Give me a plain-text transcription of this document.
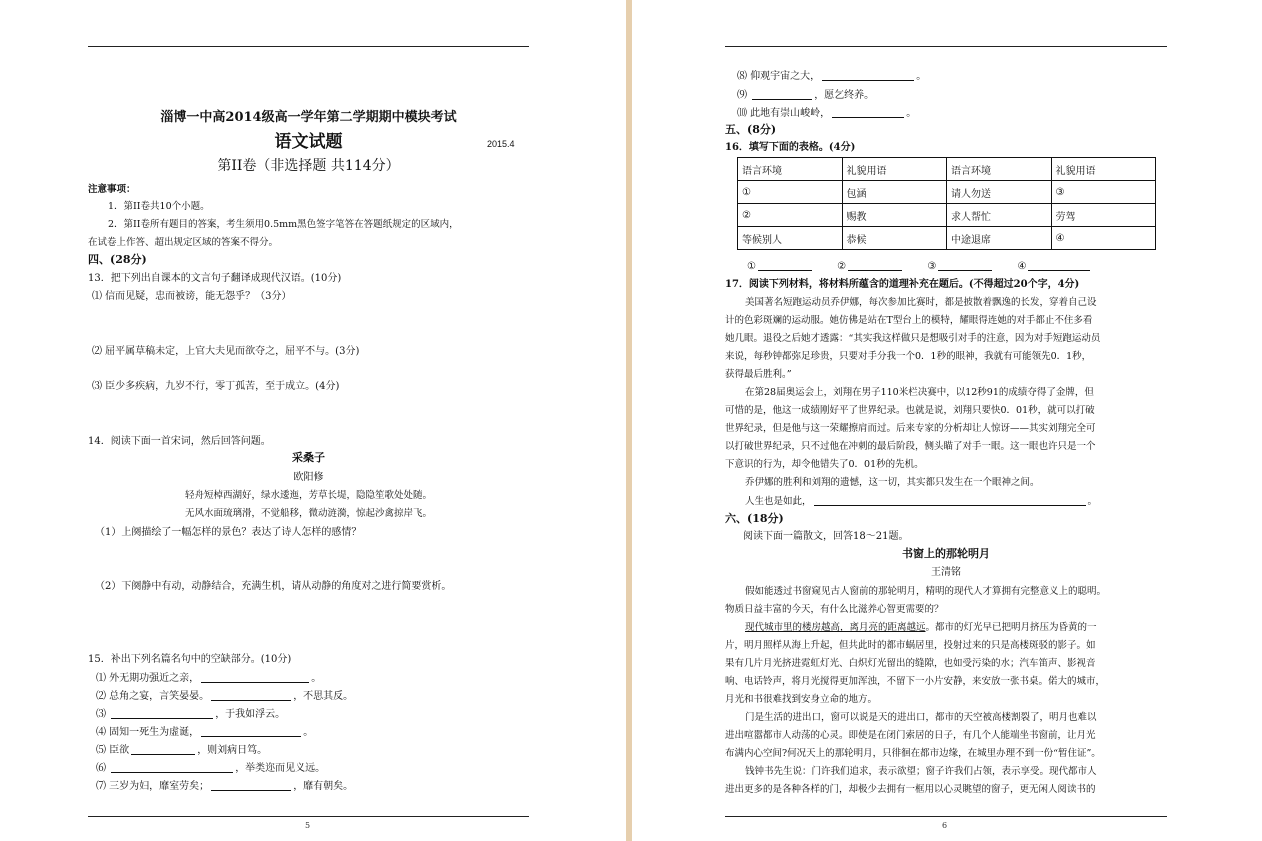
淄博一中高2014级高一学年第二学期期中模块考试
语文试题	2015.4
第II卷（非选择题 共114分）
注意事项：
1．第II卷共10个小题。
2．第II卷所有题目的答案，考生须用0.5mm黑色签字笔答在答题纸规定的区域内，
在试卷上作答、超出规定区域的答案不得分。
四、(28分)
13．把下列出自课本的文言句子翻译成现代汉语。(10分)
⑴ 信而见疑，忠而被谤，能无怨乎？（3分）
⑵ 屈平属草稿未定，上官大夫见而欲夺之，屈平不与。(3分)
⑶ 臣少多疾病，九岁不行，零丁孤苦，至于成立。(4分)
14．阅读下面一首宋词，然后回答问题。
采桑子
欧阳修
轻舟短棹西湖好，绿水逶迤，芳草长堤，隐隐笙歌处处随。
无风水面琉璃滑，不觉船移，微动涟漪，惊起沙禽掠岸飞。
（1）上阕描绘了一幅怎样的景色？表达了诗人怎样的感情？
（2）下阕静中有动，动静结合，充满生机，请从动静的角度对之进行简要赏析。
15．补出下列名篇名句中的空缺部分。(10分)
⑴ 外无期功强近之亲，	。
⑵ 总角之宴，言笑晏晏。	，不思其反。
⑶	，于我如浮云。
⑷ 固知一死生为虚诞，	。
⑸ 臣欲	，则刘病日笃。
⑹	，举类迩而见义远。
⑺ 三岁为妇，靡室劳矣；	，靡有朝矣。
5
⑻ 仰观宇宙之大，	。
⑼	，愿乞终养。
⑽ 此地有崇山峻岭，	。
五、(8分)
16．填写下面的表格。(4分)
语言环境	礼貌用语	语言环境	礼貌用语
①	包涵	请人勿送	③
②	赐教	求人帮忙	劳驾
等候别人	恭候	中途退席	④
①	②	③	④
17．阅读下列材料，将材料所蕴含的道理补充在题后。(不得超过20个字，4分)
美国著名短跑运动员乔伊娜，每次参加比赛时，都是披散着飘逸的长发，穿着自己设
计的色彩斑斓的运动服。她仿佛是站在T型台上的模特，耀眼得连她的对手都止不住多看
她几眼。退役之后她才透露：“其实我这样做只是想吸引对手的注意，因为对手短跑运动员
来说，每秒钟都弥足珍贵，只要对手分我一个0．1秒的眼神，我就有可能领先0．1秒，
获得最后胜利。”
在第28届奥运会上，刘翔在男子110米栏决赛中，以12秒91的成绩夺得了金牌，但
可惜的是，他这一成绩刚好平了世界纪录。也就是说，刘翔只要快0．01秒，就可以打破
世界纪录，但是他与这一荣耀擦肩而过。后来专家的分析却让人惊讶——其实刘翔完全可
以打破世界纪录，只不过他在冲刺的最后阶段，侧头瞄了对手一眼。这一眼也许只是一个
下意识的行为，却令他错失了0．01秒的先机。
乔伊娜的胜利和刘翔的遗憾，这一切，其实都只发生在一个眼神之间。
人生也是如此，	。
六、(18分)
阅读下面一篇散文，回答18～21题。
书窗上的那轮明月
王清铭
假如能透过书窗窥见古人窗前的那轮明月，精明的现代人才算拥有完整意义上的聪明。
物质日益丰富的今天，有什么比滋养心智更需要的？
现代城市里的楼房越高，离月亮的距离越远。都市的灯光早已把明月挤压为昏黄的一
片，明月照样从海上升起，但共此时的都市蜗居里，投射过来的只是高楼斑驳的影子。如
果有几片月光挤进霓虹灯光、白炽灯光留出的缝隙，也如受污染的水；汽车笛声、影视音
响、电话铃声，将月光搅得更加浑浊，不留下一小片安静，来安放一张书桌。偌大的城市，
月光和书很难找到安身立命的地方。
门是生活的进出口，窗可以说是天的进出口，都市的天空被高楼割裂了，明月也难以
进出喧嚣都市人动荡的心灵。即使是在闭门索居的日子，有几个人能端坐书窗前，让月光
布满内心空间?何况天上的那轮明月，只徘徊在都市边缘，在城里办理不到一份“暂住证”。
钱钟书先生说：门许我们追求，表示欲望；窗子许我们占领，表示享受。现代都市人
进出更多的是各种各样的门，却极少去拥有一框用以心灵眺望的窗子，更无闲人阅读书的
6
